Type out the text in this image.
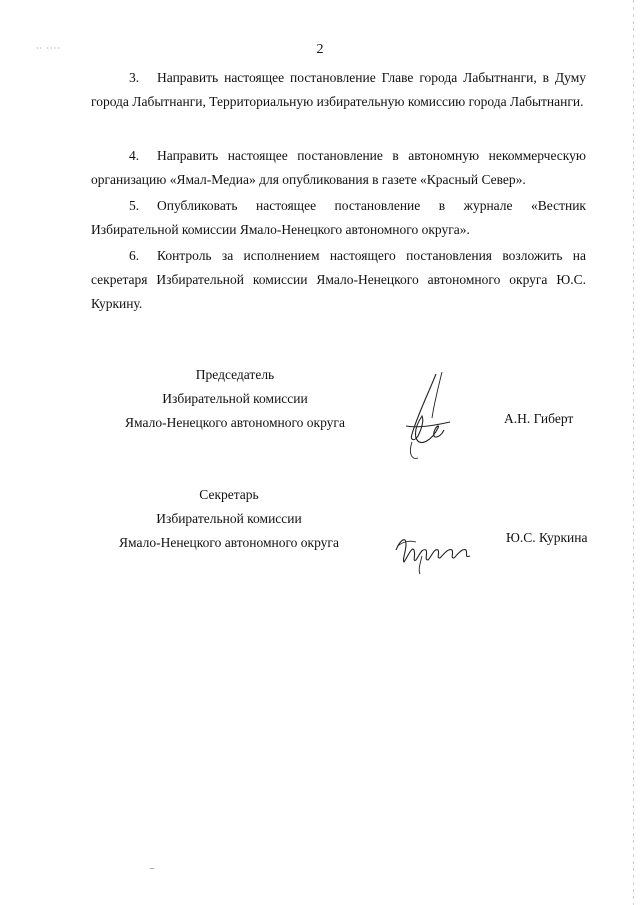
·· ····	2

3. Направить настоящее постановление Главе города Лабытнанги, в Думу города Лабытнанги, Территориальную избирательную комиссию города Лабытнанги.

4. Направить настоящее постановление в автономную некоммерческую организацию «Ямал-Медиа» для опубликования в газете «Красный Север».

5. Опубликовать настоящее постановление в журнале «Вестник Избирательной комиссии Ямало-Ненецкого автономного округа».

6. Контроль за исполнением настоящего постановления возложить на секретаря Избирательной комиссии Ямало-Ненецкого автономного округа Ю.С. Куркину.

Председатель
Избирательной комиссии
Ямало-Ненецкого автономного округа	А.Н. Гиберт
Секретарь
Избирательной комиссии
Ямало-Ненецкого автономного округа	Ю.С. Куркина
